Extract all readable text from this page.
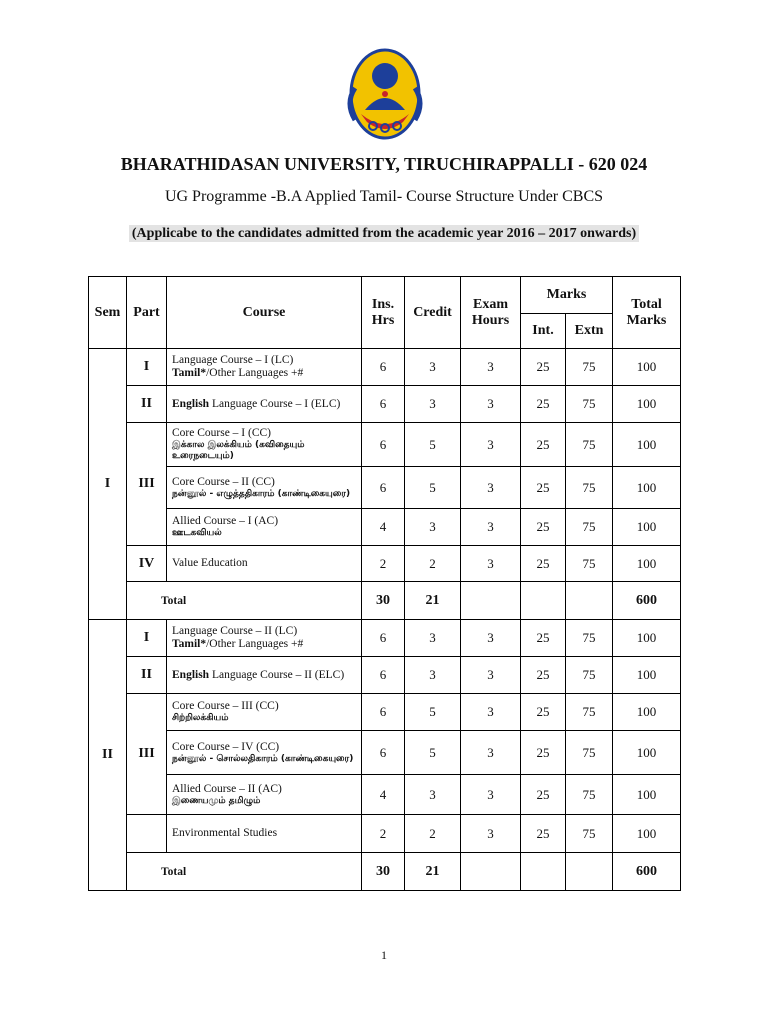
BHARATHIDASAN UNIVERSITY, TIRUCHIRAPPALLI - 620 024
UG Programme -B.A Applied Tamil- Course Structure Under CBCS
(Applicabe to the candidates admitted from the academic year 2016 – 2017 onwards)
Sem	Part	Course	Ins. Hrs	Credit	Exam Hours	Marks		Total Marks
						Int.	Extn	
I	I	Language Course – I (LC)
Tamil*/Other Languages +#	6	3	3	25	75	100
	II	English Language Course – I (ELC)	6	3	3	25	75	100
	III	Core Course – I (CC)
இக்கால இலக்கியம் (கவிதையும் உரைநடையும்)	6	5	3	25	75	100

		Core Course – II (CC)
நன்னூல் - எழுத்ததிகாரம் (காண்டிகையுரை)	6	5	3	25	75	100

		Allied Course – I (AC)
ஊடகவியல்	4	3	3	25	75	100
	IV	Value Education	2	2	3	25	75	100
	Total		30	21				600
II	I	Language Course – II (LC)
Tamil*/Other Languages +#	6	3	3	25	75	100
	II	English Language Course – II (ELC)	6	3	3	25	75	100
	III	Core Course – III (CC)
சிற்றிலக்கியம்	6	5	3	25	75	100

		Core Course – IV (CC)
நன்னூல் - சொல்லதிகாரம் (காண்டிகையுரை)	6	5	3	25	75	100

		Allied Course – II (AC)
இணையமும் தமிழும்	4	3	3	25	75	100

		Environmental Studies	2	2	3	25	75	100
	Total		30	21				600
1
